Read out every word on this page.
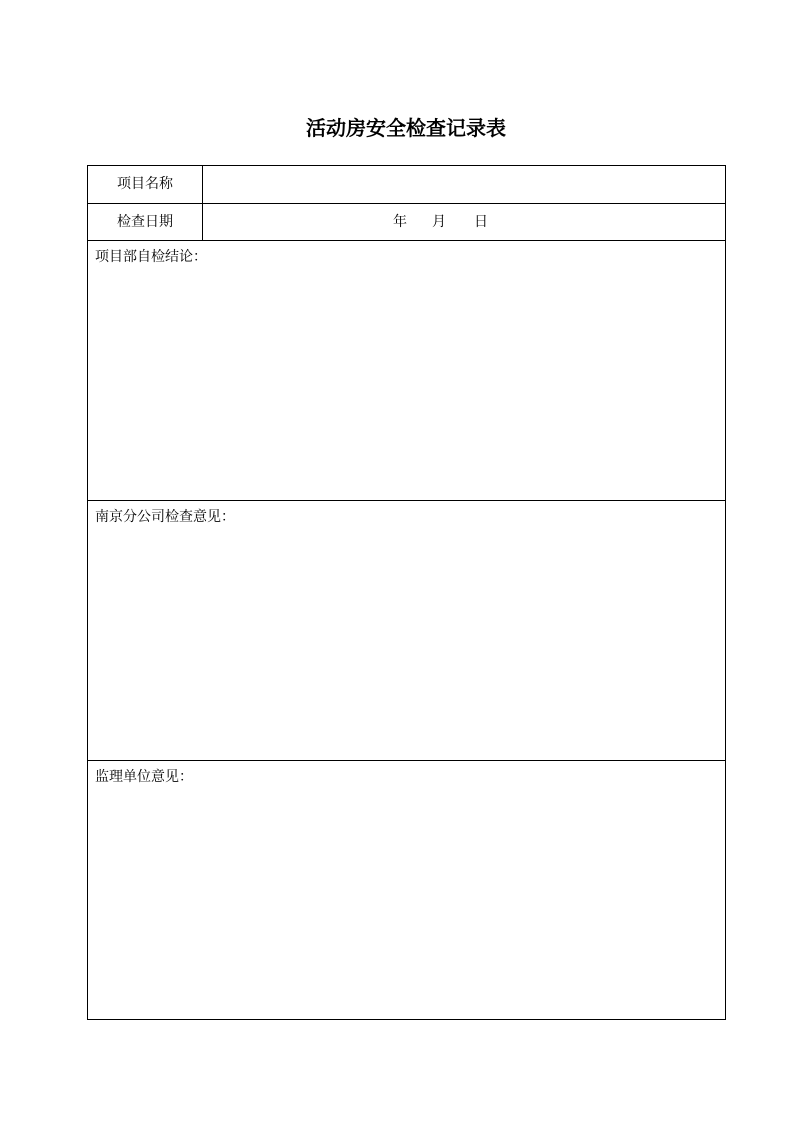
活动房安全检查记录表
项目名称
检查日期	年 月 日
项目部自检结论：
南京分公司检查意见：
监理单位意见：
